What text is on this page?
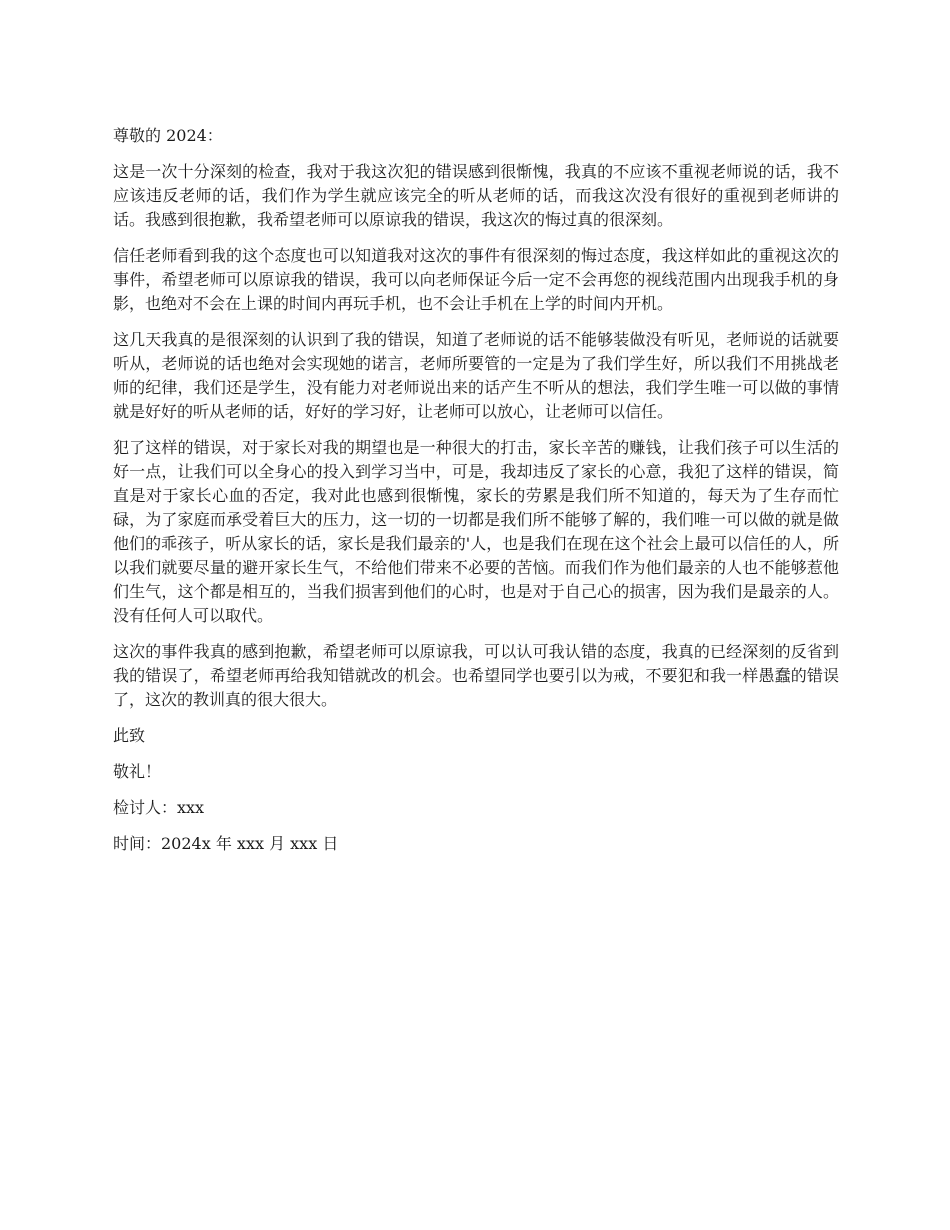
尊敬的 2024：

这是一次十分深刻的检查，我对于我这次犯的错误感到很惭愧，我真的不应该不重视老师说的话，我不应该违反老师的话，我们作为学生就应该完全的听从老师的话，而我这次没有很好的重视到老师讲的话。我感到很抱歉，我希望老师可以原谅我的错误，我这次的悔过真的很深刻。

信任老师看到我的这个态度也可以知道我对这次的事件有很深刻的悔过态度，我这样如此的重视这次的事件，希望老师可以原谅我的错误，我可以向老师保证今后一定不会再您的视线范围内出现我手机的身影，也绝对不会在上课的时间内再玩手机，也不会让手机在上学的时间内开机。

这几天我真的是很深刻的认识到了我的错误，知道了老师说的话不能够装做没有听见，老师说的话就要听从，老师说的话也绝对会实现她的诺言，老师所要管的一定是为了我们学生好，所以我们不用挑战老师的纪律，我们还是学生，没有能力对老师说出来的话产生不听从的想法，我们学生唯一可以做的事情就是好好的听从老师的话，好好的学习好，让老师可以放心，让老师可以信任。

犯了这样的错误，对于家长对我的期望也是一种很大的打击，家长辛苦的赚钱，让我们孩子可以生活的好一点，让我们可以全身心的投入到学习当中，可是，我却违反了家长的心意，我犯了这样的错误，简直是对于家长心血的否定，我对此也感到很惭愧，家长的劳累是我们所不知道的，每天为了生存而忙碌，为了家庭而承受着巨大的压力，这一切的一切都是我们所不能够了解的，我们唯一可以做的就是做他们的乖孩子，听从家长的话，家长是我们最亲的'人，也是我们在现在这个社会上最可以信任的人，所以我们就要尽量的避开家长生气，不给他们带来不必要的苦恼。而我们作为他们最亲的人也不能够惹他们生气，这个都是相互的，当我们损害到他们的心时，也是对于自己心的损害，因为我们是最亲的人。没有任何人可以取代。

这次的事件我真的感到抱歉，希望老师可以原谅我，可以认可我认错的态度，我真的已经深刻的反省到我的错误了，希望老师再给我知错就改的机会。也希望同学也要引以为戒，不要犯和我一样愚蠢的错误了，这次的教训真的很大很大。

此致

敬礼！

检讨人：xxx

时间：2024x 年 xxx 月 xxx 日
